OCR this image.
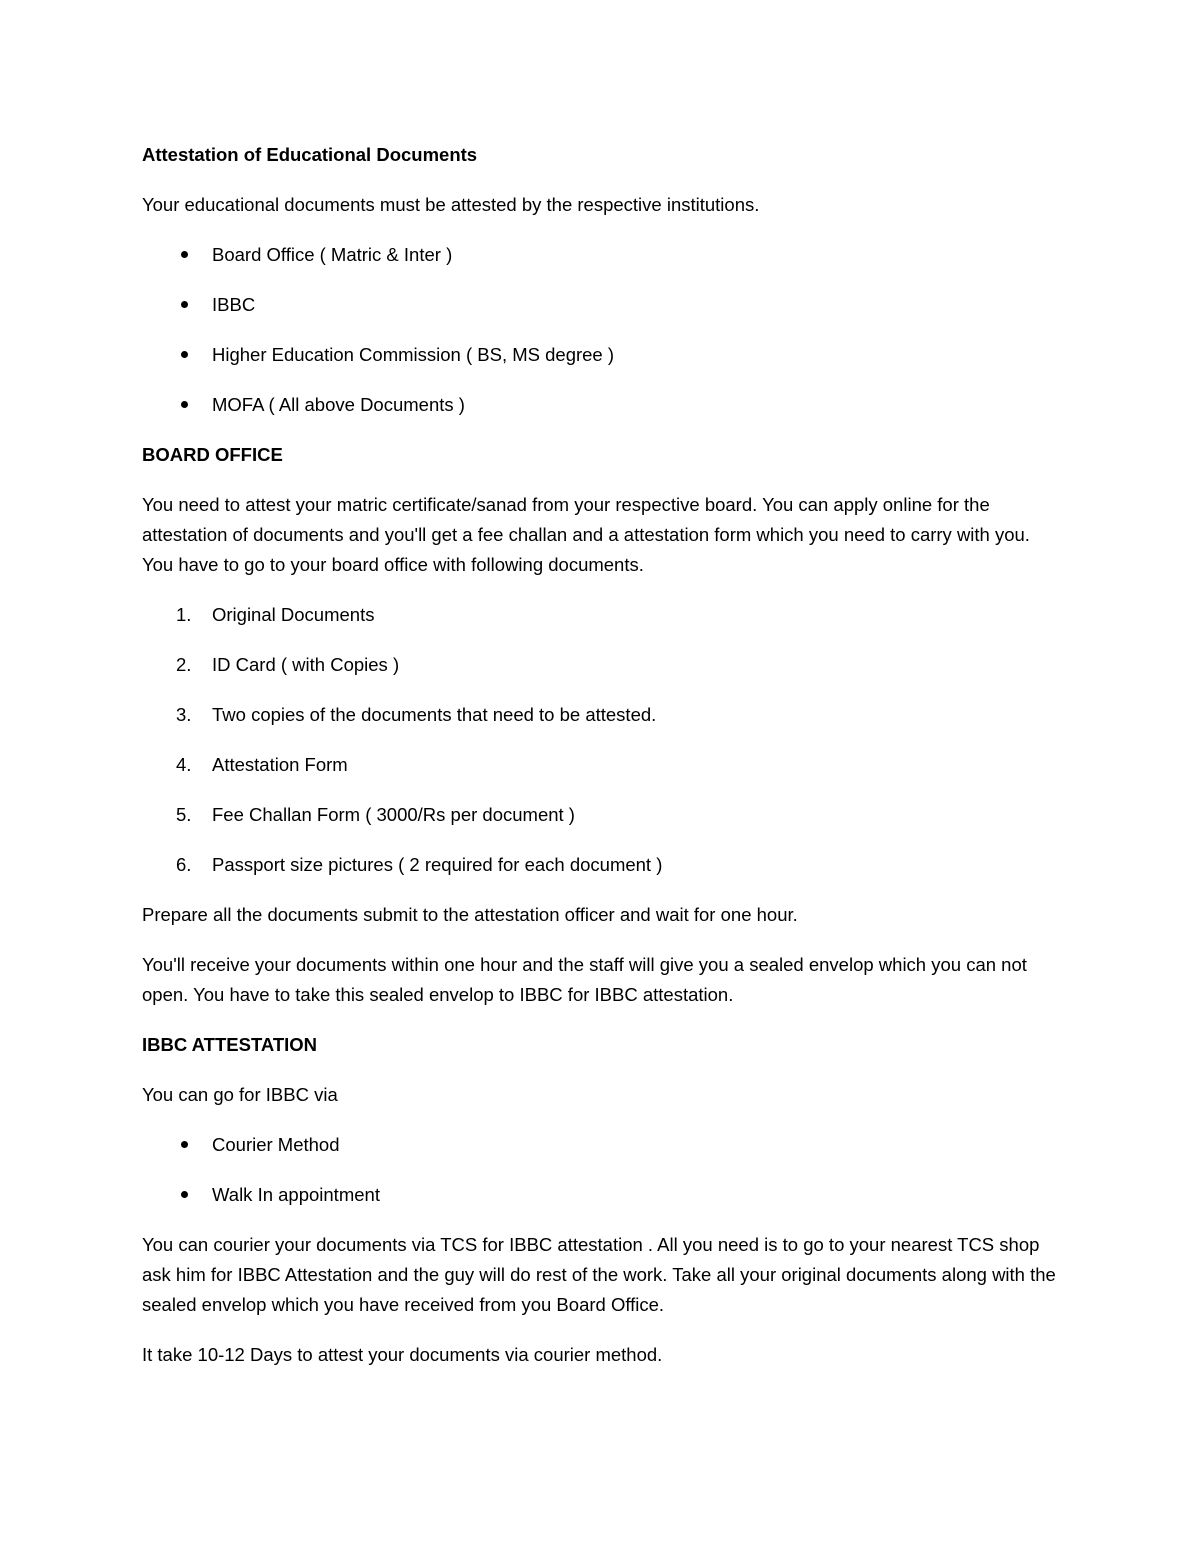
Attestation of Educational Documents

Your educational documents must be attested by the respective institutions.

Board Office ( Matric & Inter )
IBBC
Higher Education Commission ( BS, MS degree )
MOFA ( All above Documents )
BOARD OFFICE

You need to attest your matric certificate/sanad from your respective board. You can apply online for the attestation of documents and you'll get a fee challan and a attestation form which you need to carry with you. You have to go to your board office with following documents.

1. Original Documents
2. ID Card ( with Copies )
3. Two copies of the documents that need to be attested.
4. Attestation Form
5. Fee Challan Form ( 3000/Rs per document )
6. Passport size pictures ( 2 required for each document )

Prepare all the documents submit to the attestation officer and wait for one hour.

You'll receive your documents within one hour and the staff will give you a sealed envelop which you can not open. You have to take this sealed envelop to IBBC for IBBC attestation.

IBBC ATTESTATION

You can go for IBBC via

Courier Method
Walk In appointment

You can courier your documents via TCS for IBBC attestation . All you need is to go to your nearest TCS shop ask him for IBBC Attestation and the guy will do rest of the work. Take all your original documents along with the sealed envelop which you have received from you Board Office.

It take 10-12 Days to attest your documents via courier method.
